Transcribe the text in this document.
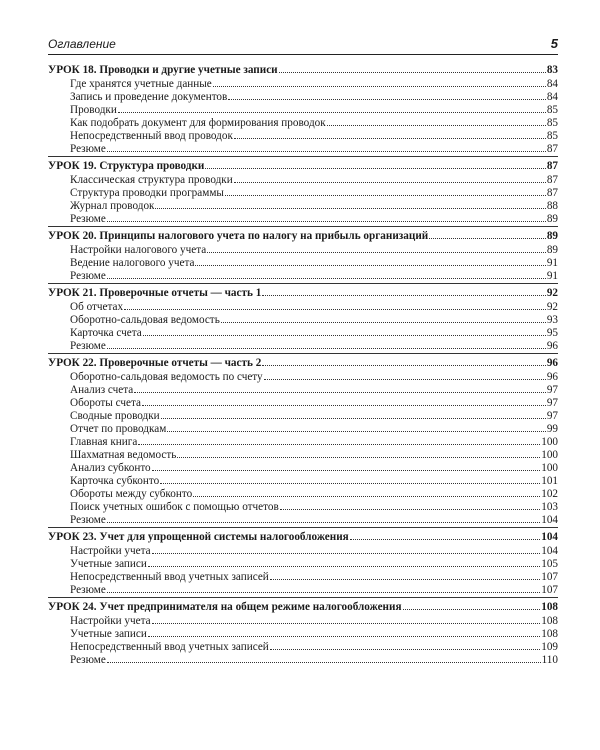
Оглавление	5
УРОК 18. Проводки и другие учетные записи	83
Где хранятся учетные данные	84
Запись и проведение документов	84
Проводки	85
Как подобрать документ для формирования проводок	85
Непосредственный ввод проводок	85
Резюме	87
УРОК 19. Структура проводки	87
Классическая структура проводки	87
Структура проводки программы	87
Журнал проводок	88
Резюме	89
УРОК 20. Принципы налогового учета по налогу на прибыль организаций	89
Настройки налогового учета	89
Ведение налогового учета	91
Резюме	91
УРОК 21. Проверочные отчеты — часть 1	92
Об отчетах	92
Оборотно-сальдовая ведомость	93
Карточка счета	95
Резюме	96
УРОК 22. Проверочные отчеты — часть 2	96
Оборотно-сальдовая ведомость по счету	96
Анализ счета	97
Обороты счета	97
Сводные проводки	97
Отчет по проводкам	99
Главная книга	100
Шахматная ведомость	100
Анализ субконто	100
Карточка субконто	101
Обороты между субконто	102
Поиск учетных ошибок с помощью отчетов	103
Резюме	104
УРОК 23. Учет для упрощенной системы налогообложения	104
Настройки учета	104
Учетные записи	105
Непосредственный ввод учетных записей	107
Резюме	107
УРОК 24. Учет предпринимателя на общем режиме налогообложения	108
Настройки учета	108
Учетные записи	108
Непосредственный ввод учетных записей	109
Резюме	110
